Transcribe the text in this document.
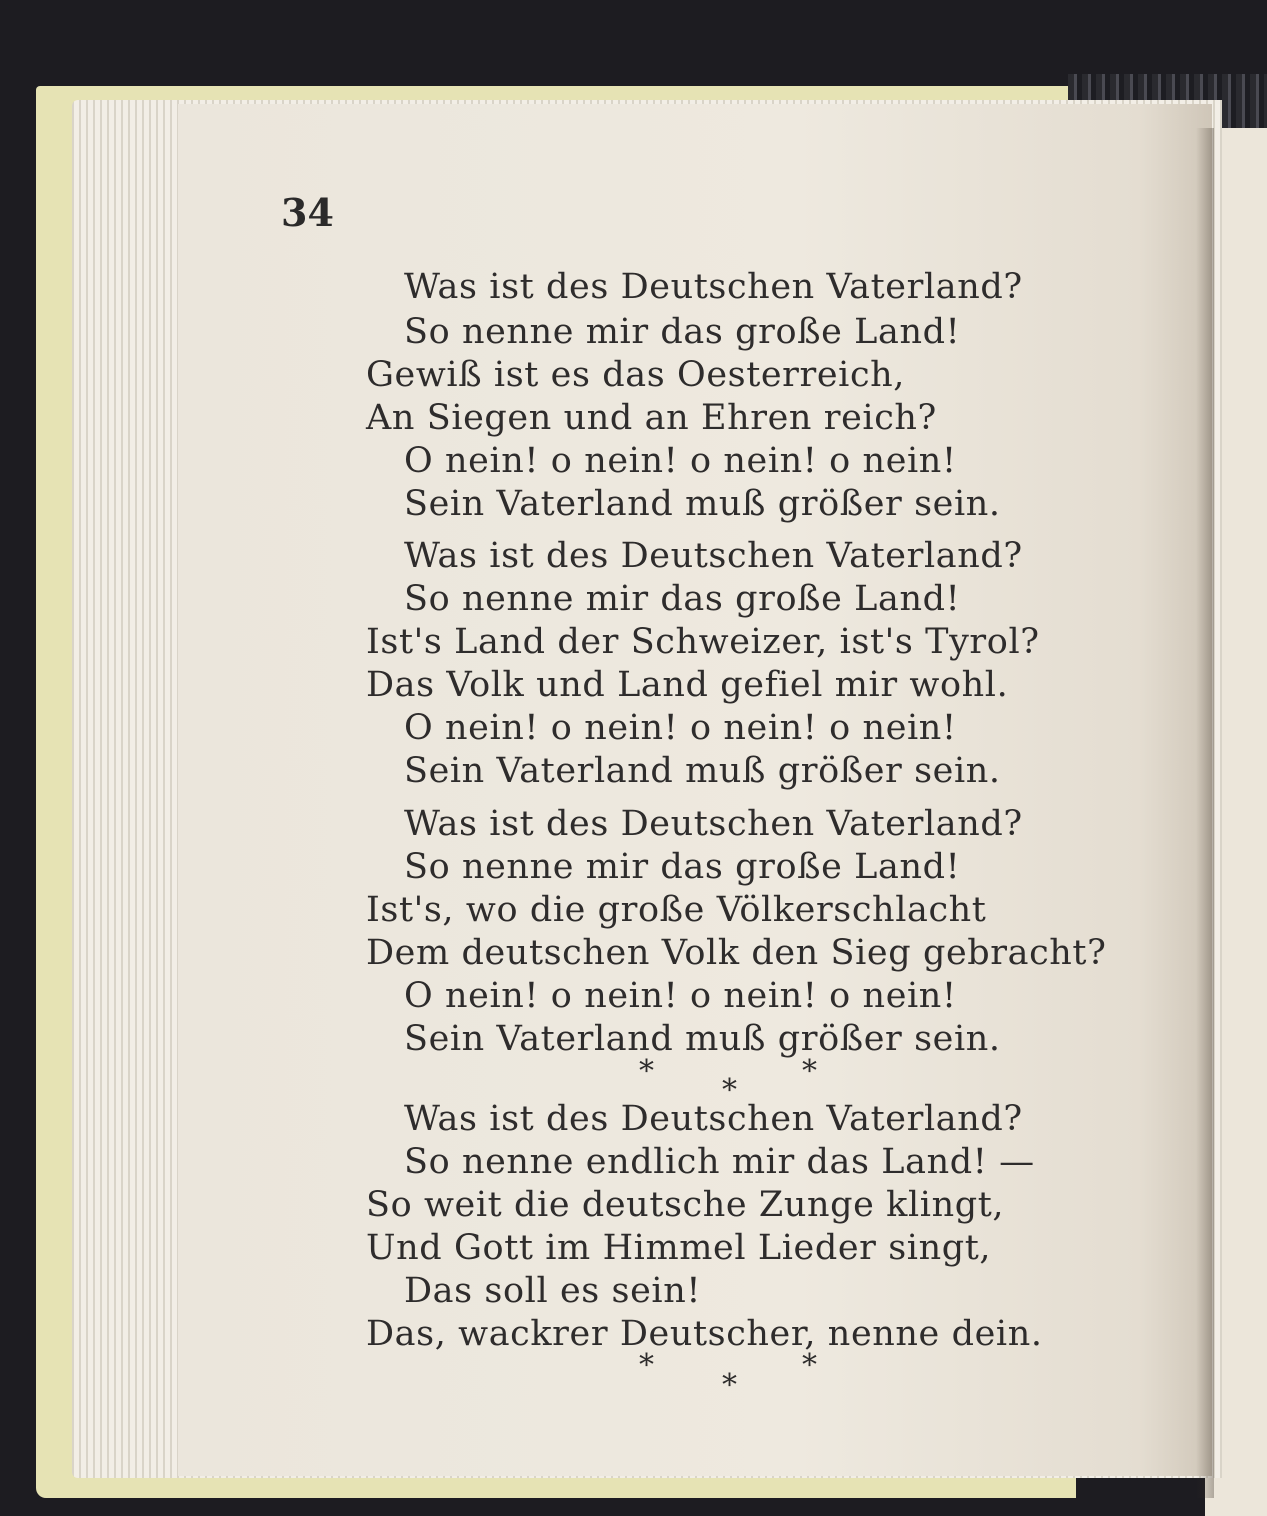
34
Was ist des Deutschen Vaterland?
So nenne mir das große Land!
Gewiß ist es das Oesterreich,
An Siegen und an Ehren reich?
O nein! o nein! o nein! o nein!
Sein Vaterland muß größer sein.
Was ist des Deutschen Vaterland?
So nenne mir das große Land!
Ist's Land der Schweizer, ist's Tyrol?
Das Volk und Land gefiel mir wohl.
O nein! o nein! o nein! o nein!
Sein Vaterland muß größer sein.
Was ist des Deutschen Vaterland?
So nenne mir das große Land!
Ist's, wo die große Völkerschlacht
Dem deutschen Volk den Sieg gebracht?
O nein! o nein! o nein! o nein!
Sein Vaterland muß größer sein.
*	*
*
Was ist des Deutschen Vaterland?
So nenne endlich mir das Land! —
So weit die deutsche Zunge klingt,
Und Gott im Himmel Lieder singt,
Das soll es sein!
Das, wackrer Deutscher, nenne dein.
*	*
*
